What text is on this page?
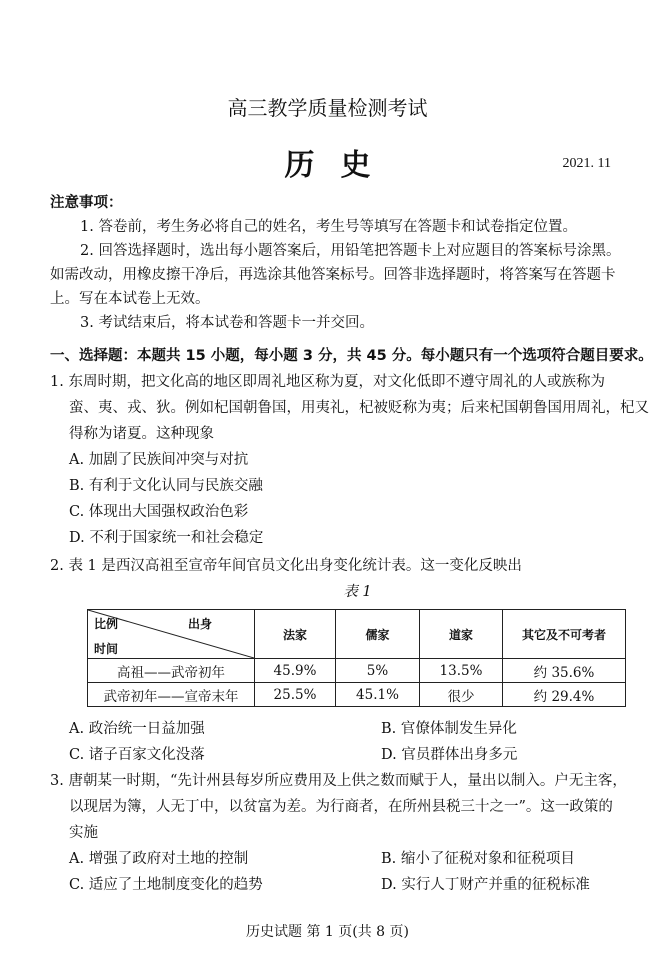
高三教学质量检测考试
历史	2021. 11
注意事项：
1. 答卷前，考生务必将自己的姓名，考生号等填写在答题卡和试卷指定位置。
2. 回答选择题时，选出每小题答案后，用铅笔把答题卡上对应题目的答案标号涂黑。
如需改动，用橡皮擦干净后，再选涂其他答案标号。回答非选择题时，将答案写在答题卡
上。写在本试卷上无效。
3. 考试结束后，将本试卷和答题卡一并交回。
一、选择题：本题共 15 小题，每小题 3 分，共 45 分。每小题只有一个选项符合题目要求。
1. 东周时期，把文化高的地区即周礼地区称为夏，对文化低即不遵守周礼的人或族称为
蛮、夷、戎、狄。例如杞国朝鲁国，用夷礼，杞被贬称为夷；后来杞国朝鲁国用周礼，杞又
得称为诸夏。这种现象
A. 加剧了民族间冲突与对抗
B. 有利于文化认同与民族交融
C. 体现出大国强权政治色彩
D. 不利于国家统一和社会稳定
2. 表 1 是西汉高祖至宣帝年间官员文化出身变化统计表。这一变化反映出
表 1
比例 出身
时间	法家	儒家	道家	其它及不可考者
高祖——武帝初年	45.9%	5%	13.5%	约 35.6%
武帝初年——宣帝末年	25.5%	45.1%	很少	约 29.4%
A. 政治统一日益加强	B. 官僚体制发生异化
C. 诸子百家文化没落	D. 官员群体出身多元
3. 唐朝某一时期，“先计州县每岁所应费用及上供之数而赋于人，量出以制入。户无主客，
以现居为簿，人无丁中，以贫富为差。为行商者，在所州县税三十之一”。这一政策的
实施
A. 增强了政府对土地的控制	B. 缩小了征税对象和征税项目
C. 适应了土地制度变化的趋势	D. 实行人丁财产并重的征税标准
历史试题 第 1 页(共 8 页)
